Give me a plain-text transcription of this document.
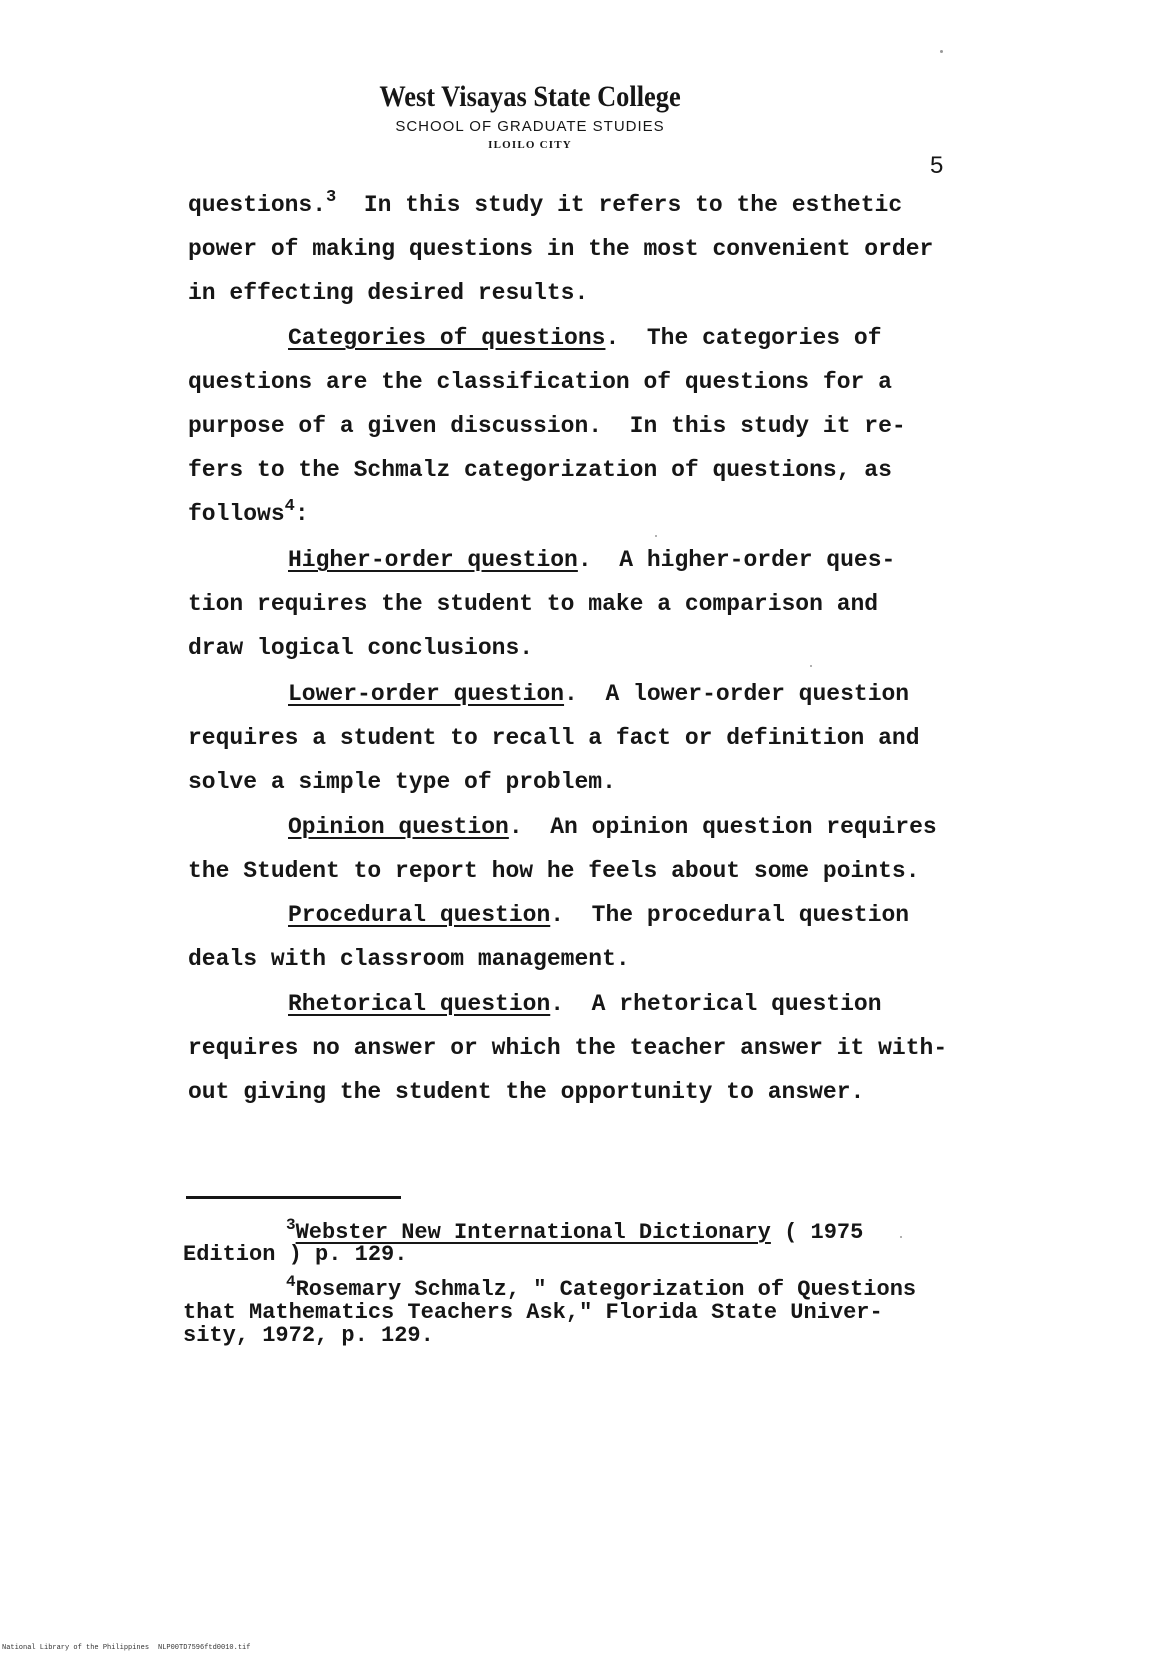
West Visayas State College
SCHOOL OF GRADUATE STUDIES
ILOILO CITY
5
questions.$^3$  In this study it refers to the esthetic
power of making questions in the most convenient order
in effecting desired results.
Categories of questions.  The categories of
questions are the classification of questions for a
purpose of a given discussion.  In this study it re-
fers to the Schmalz categorization of questions, as
follows$^4$:
Higher-order question.  A higher-order ques-
tion requires the student to make a comparison and
draw logical conclusions.
Lower-order question.  A lower-order question
requires a student to recall a fact or definition and
solve a simple type of problem.
Opinion question.  An opinion question requires
the Student to report how he feels about some points.
Procedural question.  The procedural question
deals with classroom management.
Rhetorical question.  A rhetorical question
requires no answer or which the teacher answer it with-
out giving the student the opportunity to answer.
$^3$Webster New International Dictionary ( 1975
Edition ) p. 129.
$^4$Rosemary Schmalz, " Categorization of Questions
that Mathematics Teachers Ask," Florida State Univer-
sity, 1972, p. 129.
National Library of the Philippines NLP00TD7596ftd0010.tif
